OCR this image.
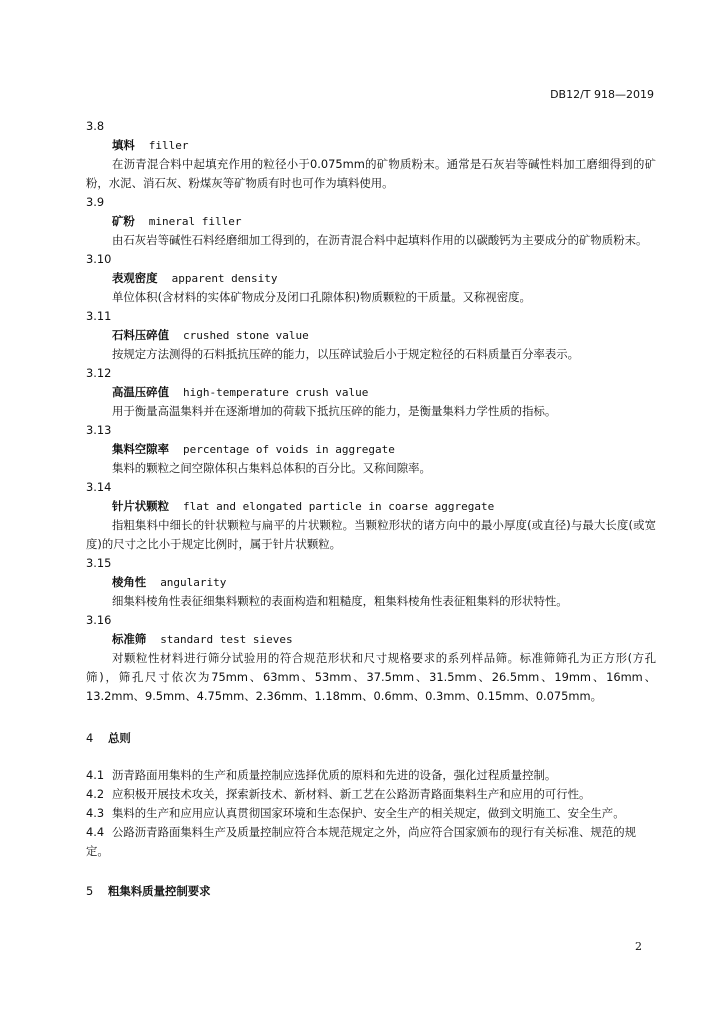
DB12/T 918—2019
3.8
填料 filler
在沥青混合料中起填充作用的粒径小于0.075mm的矿物质粉末。通常是石灰岩等碱性料加工磨细得到的矿粉，水泥、消石灰、粉煤灰等矿物质有时也可作为填料使用。
3.9
矿粉 mineral filler
由石灰岩等碱性石料经磨细加工得到的，在沥青混合料中起填料作用的以碳酸钙为主要成分的矿物质粉末。
3.10
表观密度 apparent density
单位体积(含材料的实体矿物成分及闭口孔隙体积)物质颗粒的干质量。又称视密度。
3.11
石料压碎值 crushed stone value
按规定方法测得的石料抵抗压碎的能力，以压碎试验后小于规定粒径的石料质量百分率表示。
3.12
高温压碎值 high-temperature crush value
用于衡量高温集料并在逐渐增加的荷载下抵抗压碎的能力，是衡量集料力学性质的指标。
3.13
集料空隙率 percentage of voids in aggregate
集料的颗粒之间空隙体积占集料总体积的百分比。又称间隙率。
3.14
针片状颗粒 flat and elongated particle in coarse aggregate
指粗集料中细长的针状颗粒与扁平的片状颗粒。当颗粒形状的诸方向中的最小厚度(或直径)与最大长度(或宽度)的尺寸之比小于规定比例时，属于针片状颗粒。
3.15
棱角性 angularity
细集料棱角性表征细集料颗粒的表面构造和粗糙度，粗集料棱角性表征粗集料的形状特性。
3.16
标准筛 standard test sieves
对颗粒性材料进行筛分试验用的符合规范形状和尺寸规格要求的系列样品筛。标准筛筛孔为正方形(方孔筛)，筛孔尺寸依次为75mm、63mm、53mm、37.5mm、31.5mm、26.5mm、19mm、16mm、13.2mm、9.5mm、4.75mm、2.36mm、1.18mm、0.6mm、0.3mm、0.15mm、0.075mm。
4 总则
4.1 沥青路面用集料的生产和质量控制应选择优质的原料和先进的设备，强化过程质量控制。
4.2 应积极开展技术攻关，探索新技术、新材料、新工艺在公路沥青路面集料生产和应用的可行性。
4.3 集料的生产和应用应认真贯彻国家环境和生态保护、安全生产的相关规定，做到文明施工、安全生产。
4.4 公路沥青路面集料生产及质量控制应符合本规范规定之外，尚应符合国家颁布的现行有关标准、规范的规定。
5 粗集料质量控制要求
2
